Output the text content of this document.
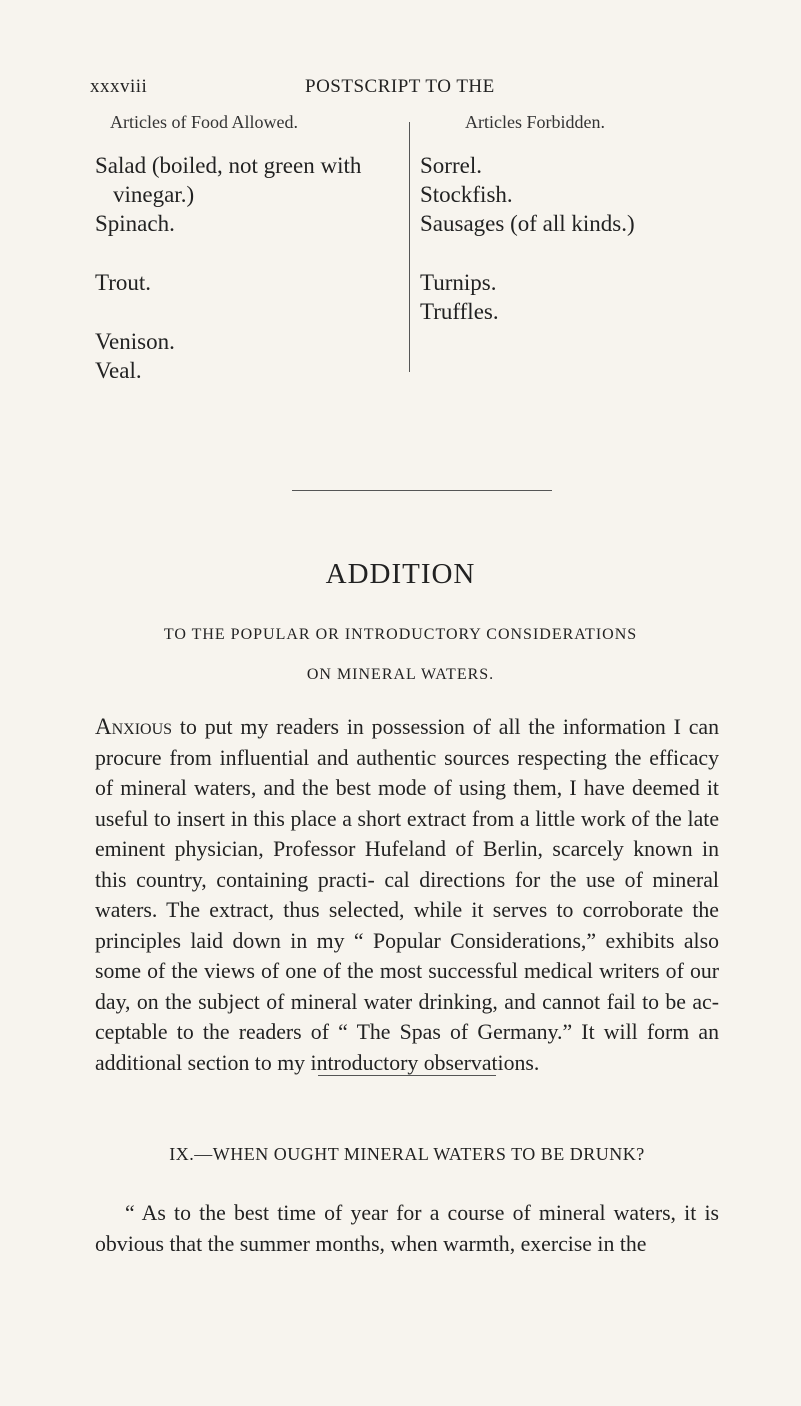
xxxviii	POSTSCRIPT TO THE
Articles of Food Allowed.
Salad (boiled, not green with
vinegar.)
Spinach.
Trout.
Venison.
Veal.
Articles Forbidden.
Sorrel.
Stockfish.
Sausages (of all kinds.)
Turnips.
Truffles.
ADDITION
TO THE POPULAR OR INTRODUCTORY CONSIDERATIONS
ON MINERAL WATERS.
Anxious to put my readers in possession of all the information I can procure from influential and authentic sources respecting the efficacy of mineral waters, and the best mode of using them, I have deemed it useful to insert in this place a short extract from a little work of the late eminent physician, Professor Hufeland of Berlin, scarcely known in this country, containing practi- cal directions for the use of mineral waters. The extract, thus selected, while it serves to corroborate the principles laid down in my “ Popular Considerations,” exhibits also some of the views of one of the most successful medical writers of our day, on the subject of mineral water drinking, and cannot fail to be ac- ceptable to the readers of “ The Spas of Germany.” It will form an additional section to my introductory observations.
IX.—WHEN OUGHT MINERAL WATERS TO BE DRUNK?
“ As to the best time of year for a course of mineral waters, it is obvious that the summer months, when warmth, exercise in the
